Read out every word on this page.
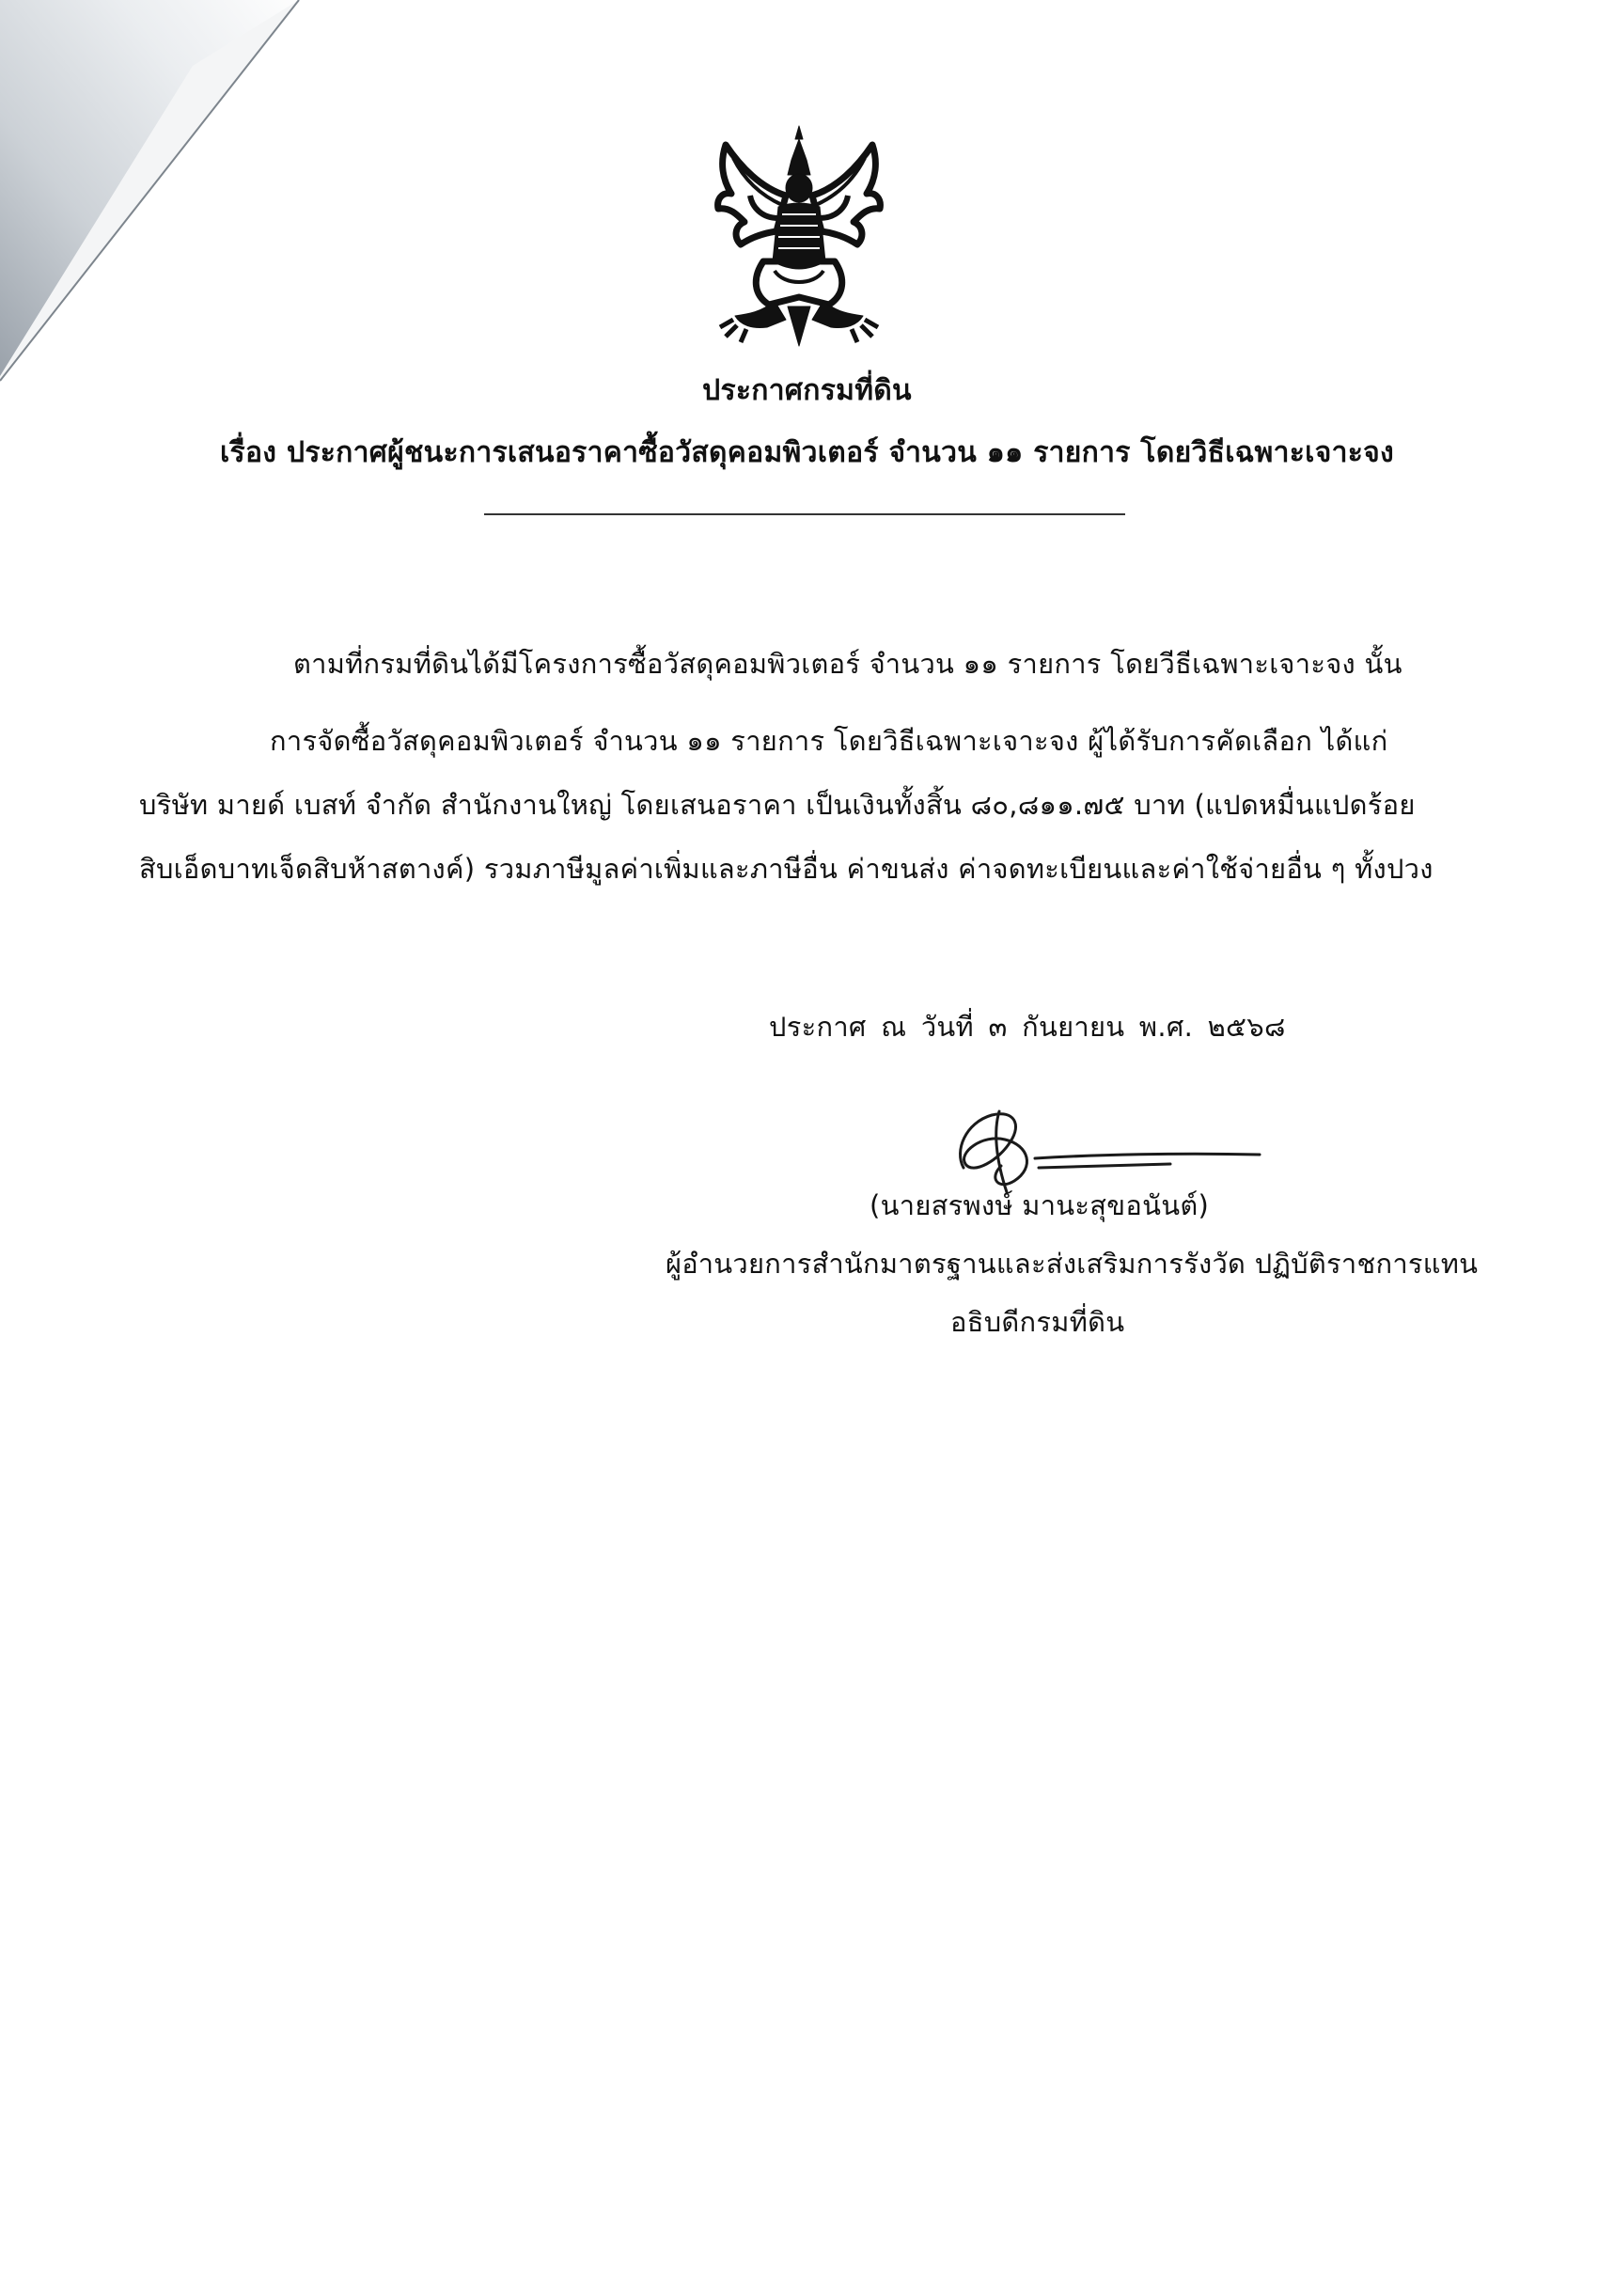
ประกาศกรมที่ดิน
เรื่อง ประกาศผู้ชนะการเสนอราคาซื้อวัสดุคอมพิวเตอร์ จำนวน ๑๑ รายการ โดยวิธีเฉพาะเจาะจง
ตามที่กรมที่ดินได้มีโครงการซื้อวัสดุคอมพิวเตอร์ จำนวน ๑๑ รายการ โดยวีธีเฉพาะเจาะจง นั้น
การจัดซื้อวัสดุคอมพิวเตอร์ จำนวน ๑๑ รายการ โดยวิธีเฉพาะเจาะจง ผู้ได้รับการคัดเลือก ได้แก่
บริษัท มายด์ เบสท์ จำกัด สำนักงานใหญ่ โดยเสนอราคา เป็นเงินทั้งสิ้น ๘๐,๘๑๑.๗๕ บาท (แปดหมื่นแปดร้อย
สิบเอ็ดบาทเจ็ดสิบห้าสตางค์) รวมภาษีมูลค่าเพิ่มและภาษีอื่น ค่าขนส่ง ค่าจดทะเบียนและค่าใช้จ่ายอื่น ๆ ทั้งปวง
ประกาศ ณ วันที่ ๓ กันยายน พ.ศ. ๒๕๖๘
(นายสรพงษ์ มานะสุขอนันต์)
ผู้อำนวยการสำนักมาตรฐานและส่งเสริมการรังวัด ปฏิบัติราชการแทน
อธิบดีกรมที่ดิน
